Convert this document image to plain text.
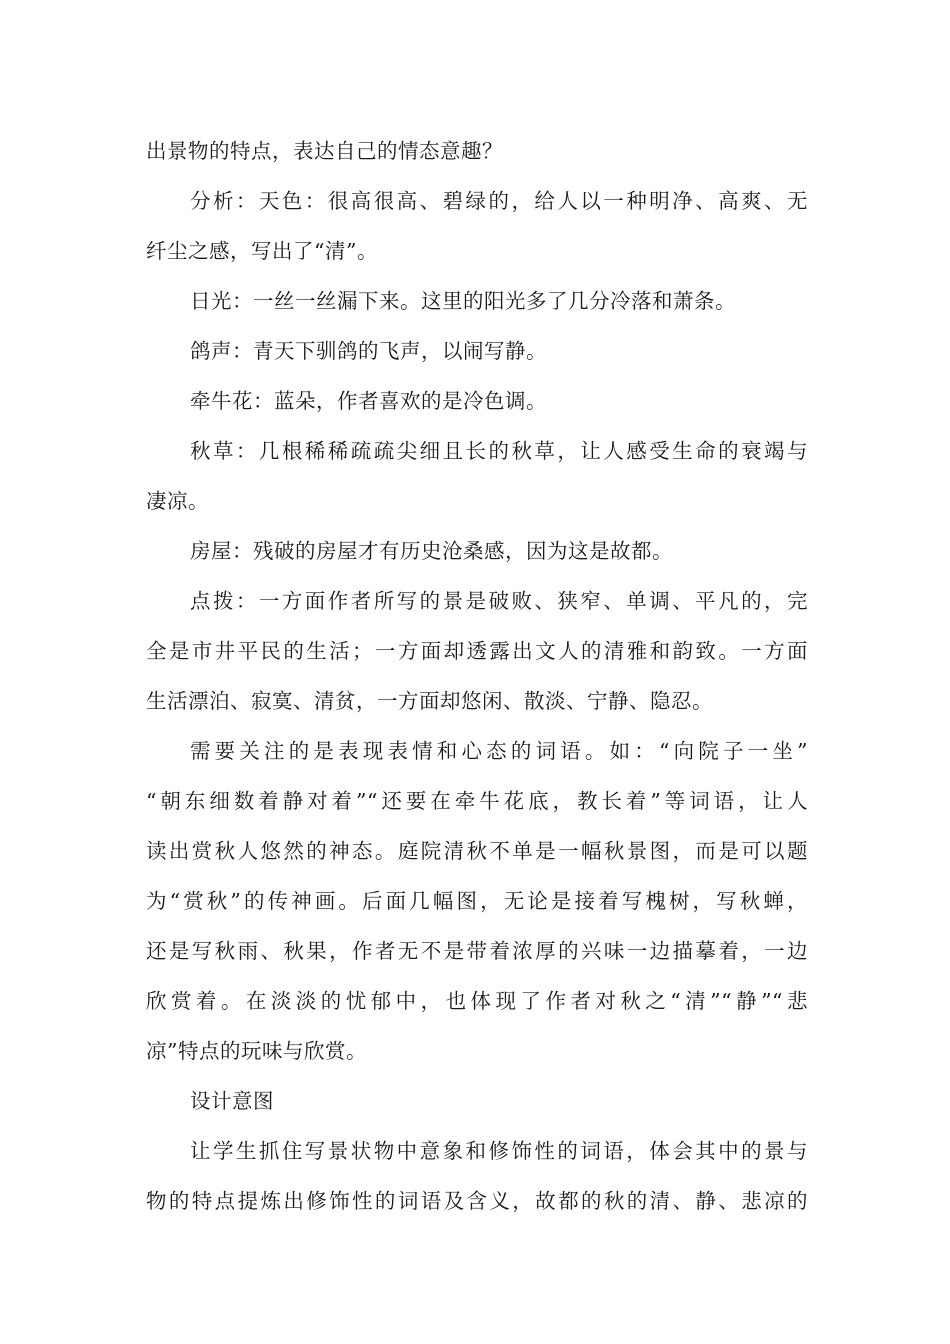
出景物的特点，表达自己的情态意趣？
分析：天色：很高很高、碧绿的，给人以一种明净、高爽、无
纤尘之感，写出了“清”。
日光：一丝一丝漏下来。这里的阳光多了几分冷落和萧条。
鸽声：青天下驯鸽的飞声，以闹写静。
牵牛花：蓝朵，作者喜欢的是冷色调。
秋草：几根稀稀疏疏尖细且长的秋草，让人感受生命的衰竭与
凄凉。
房屋：残破的房屋才有历史沧桑感，因为这是故都。
点拨：一方面作者所写的景是破败、狭窄、单调、平凡的，完
全是市井平民的生活；一方面却透露出文人的清雅和韵致。一方面
生活漂泊、寂寞、清贫，一方面却悠闲、散淡、宁静、隐忍。
需要关注的是表现表情和心态的词语。如：“向院子一坐”
“朝东细数着静对着”“还要在牵牛花底，教长着”等词语，让人
读出赏秋人悠然的神态。庭院清秋不单是一幅秋景图，而是可以题
为“赏秋”的传神画。后面几幅图，无论是接着写槐树，写秋蝉，
还是写秋雨、秋果，作者无不是带着浓厚的兴味一边描摹着，一边
欣赏着。在淡淡的忧郁中，也体现了作者对秋之“清”“静”“悲
凉”特点的玩味与欣赏。
设计意图
让学生抓住写景状物中意象和修饰性的词语，体会其中的景与
物的特点提炼出修饰性的词语及含义，故都的秋的清、静、悲凉的
